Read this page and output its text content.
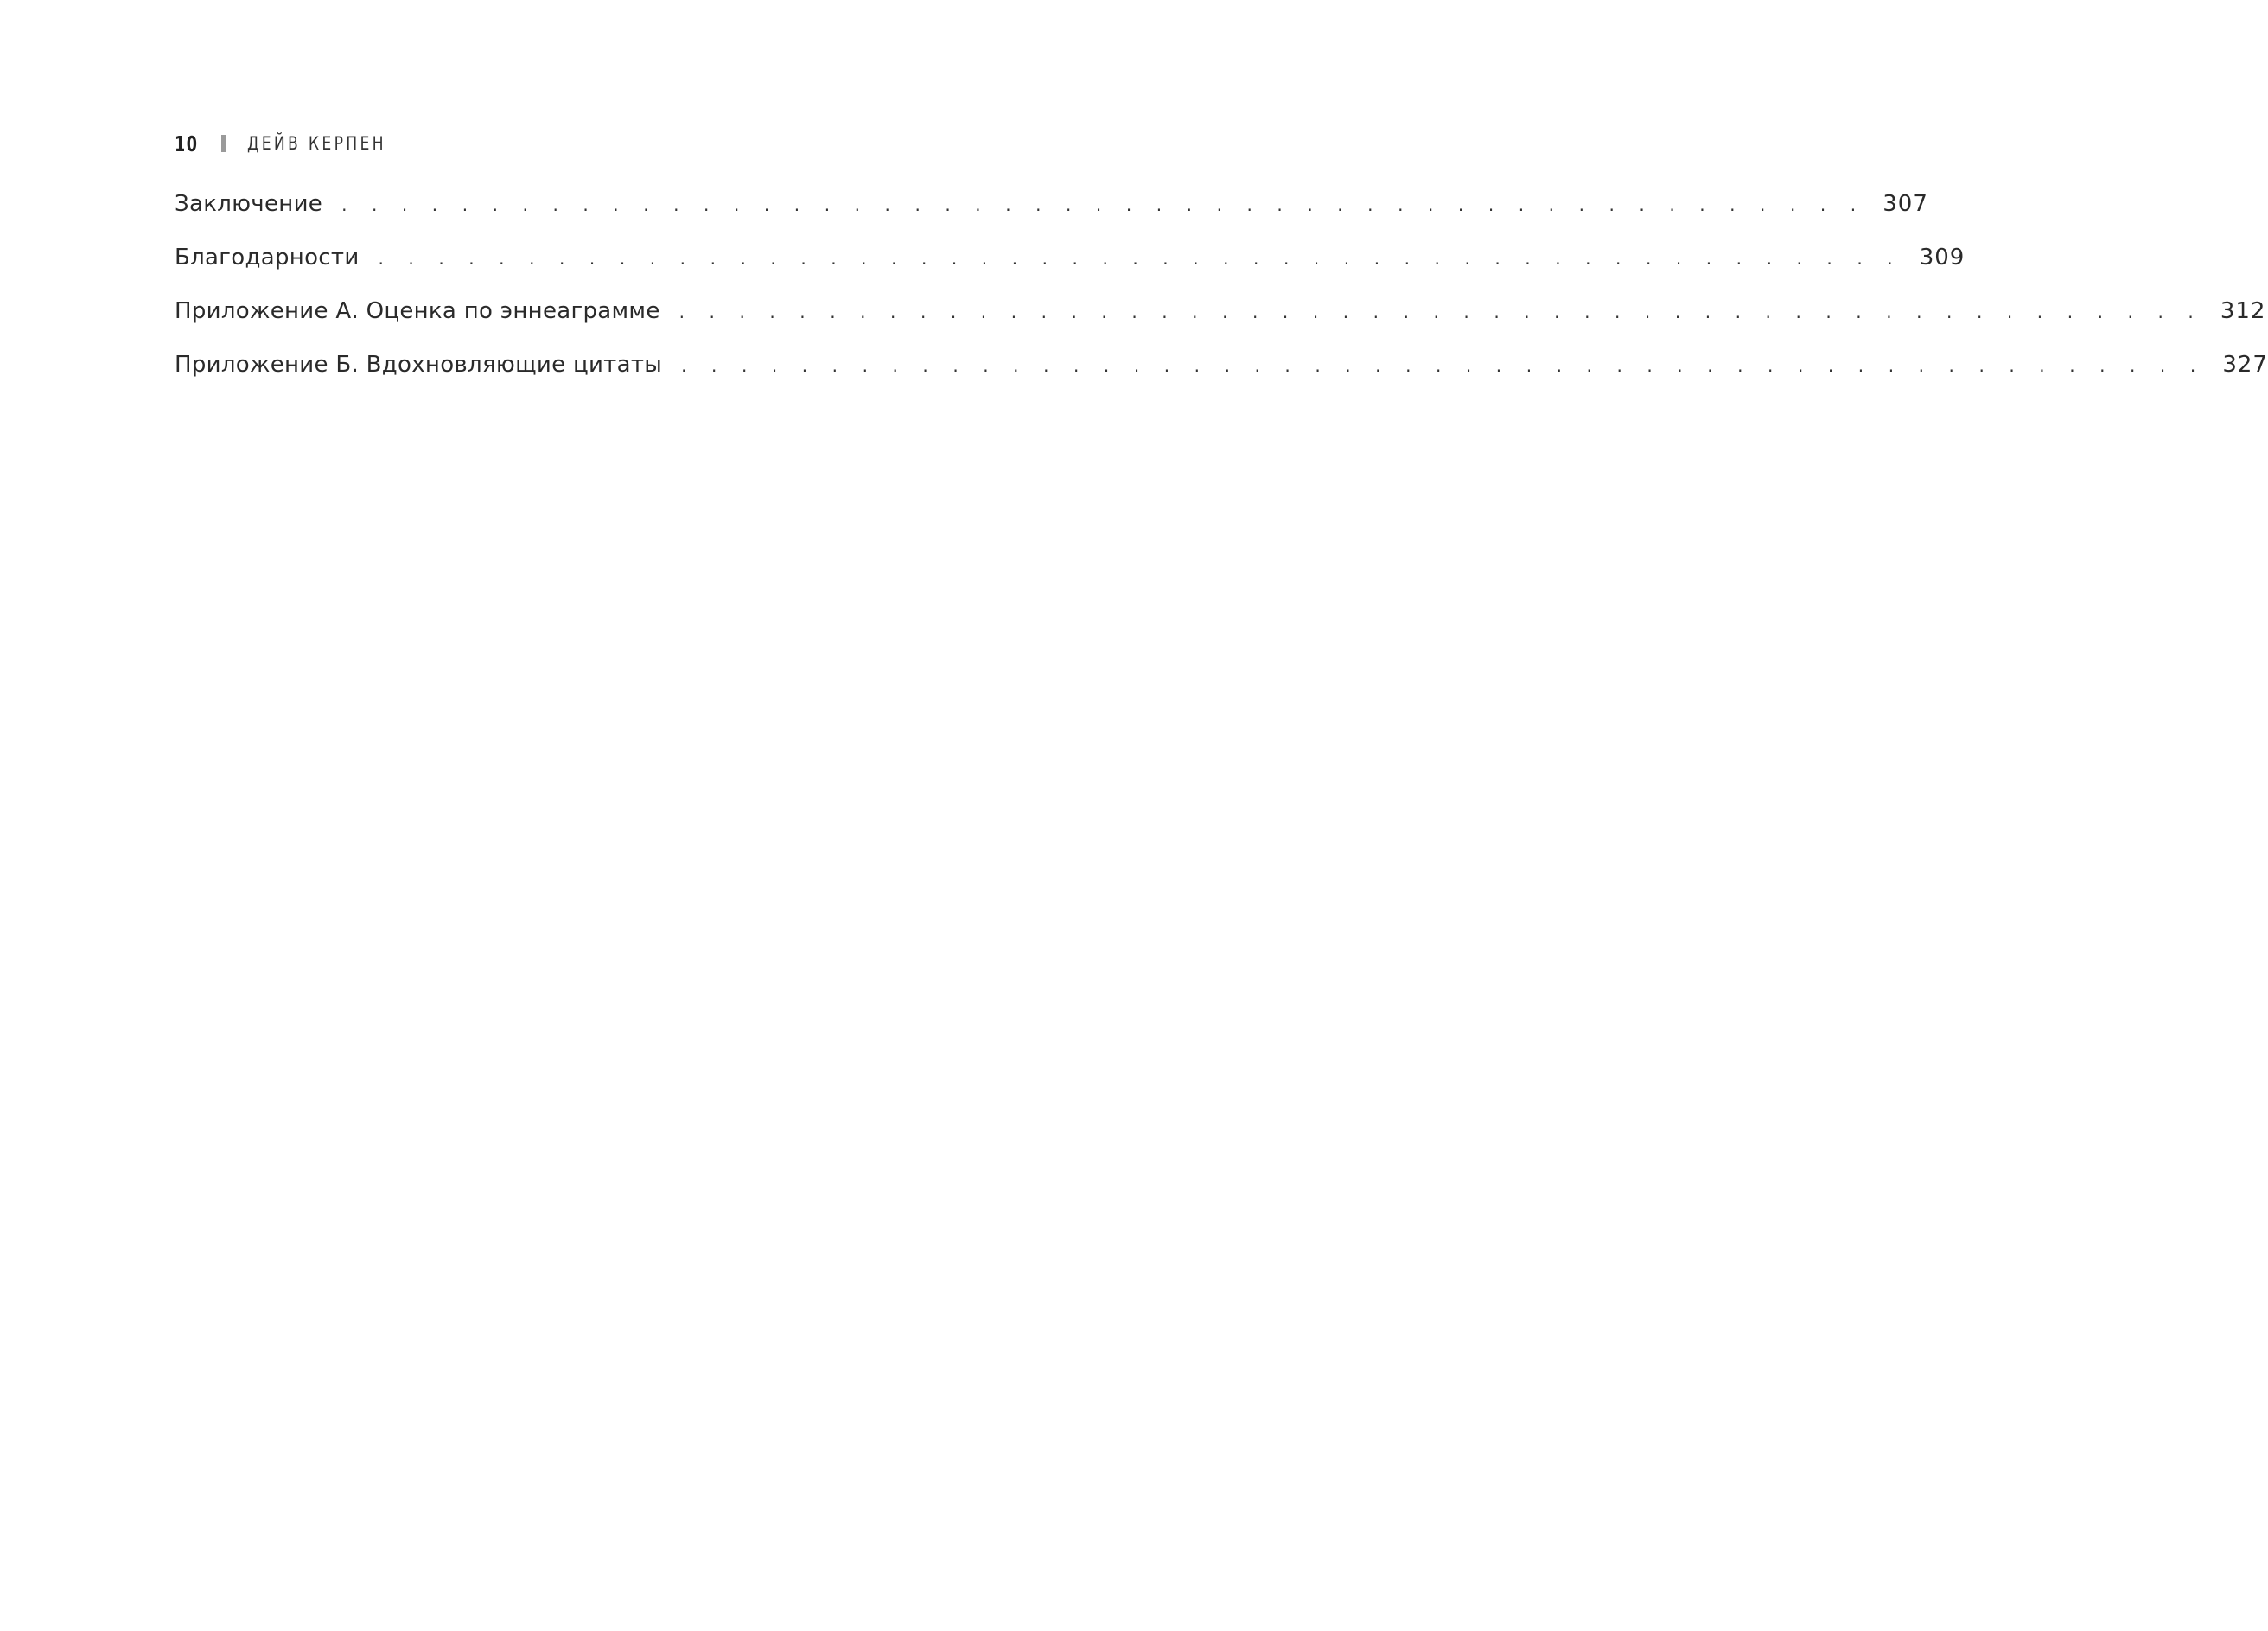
10	ДЕЙВ КЕРПЕН
Заключение . . . . . . . . . . . . . . . . . . . . . . . . . . . . . . . . . . . . . . . . . . . . . . . . . . . 307
Благодарности . . . . . . . . . . . . . . . . . . . . . . . . . . . . . . . . . . . . . . . . . . . . . . . . . . . 309
Приложение А. Оценка по эннеаграмме . . . . . . . . . . . . . . . . . . . . . . . . . . . . . . . . . . . . . . . . . . . . . . . . . . . 312
Приложение Б. Вдохновляющие цитаты . . . . . . . . . . . . . . . . . . . . . . . . . . . . . . . . . . . . . . . . . . . . . . . . . . . 327
